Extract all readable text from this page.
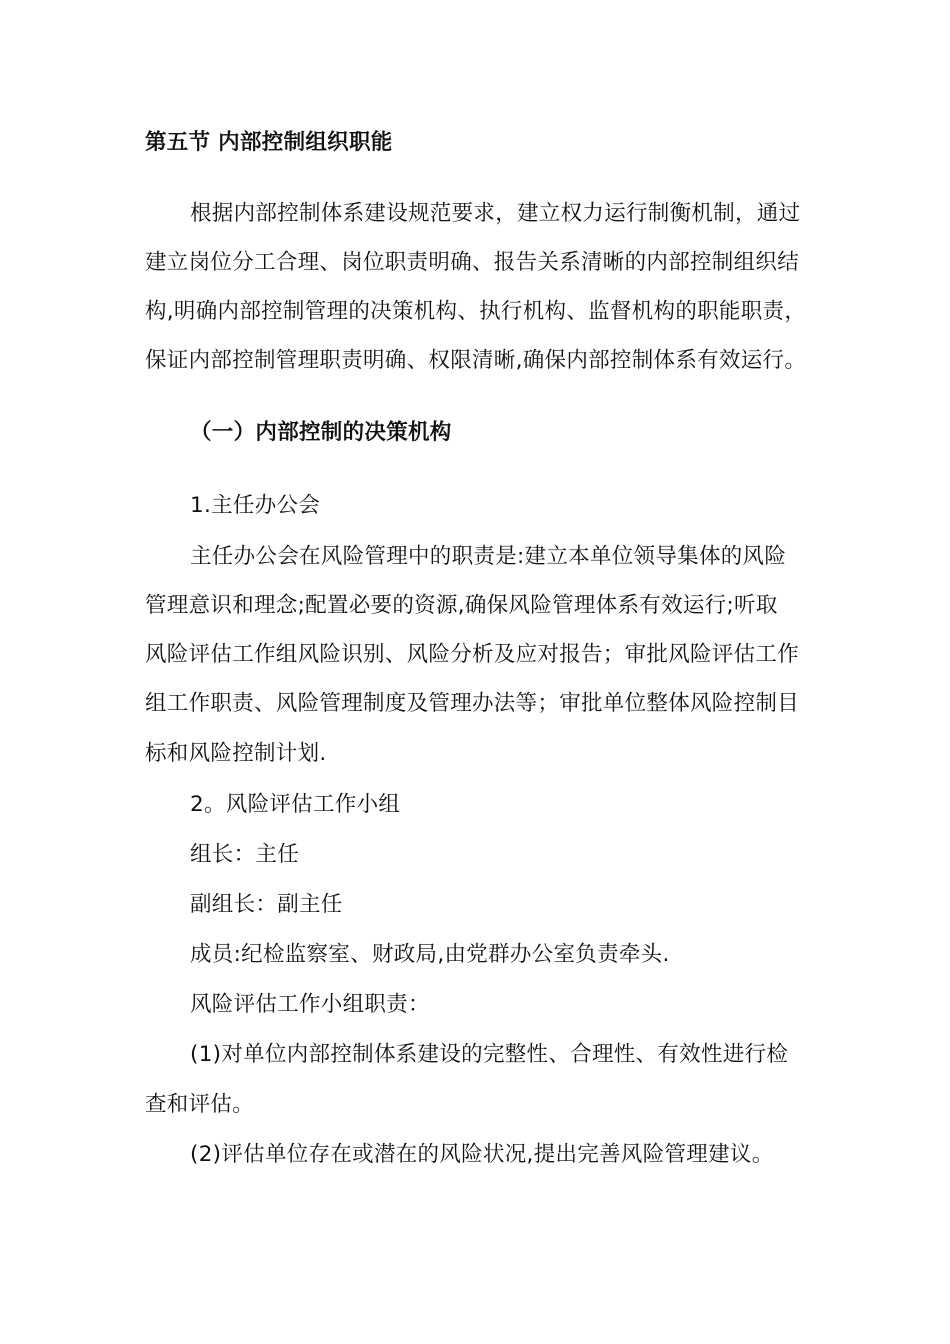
第五节 内部控制组织职能
根据内部控制体系建设规范要求，建立权力运行制衡机制，通过
建立岗位分工合理、岗位职责明确、报告关系清晰的内部控制组织结
构,明确内部控制管理的决策机构、执行机构、监督机构的职能职责，
保证内部控制管理职责明确、权限清晰,确保内部控制体系有效运行。
（一）内部控制的决策机构
1.主任办公会
主任办公会在风险管理中的职责是:建立本单位领导集体的风险
管理意识和理念;配置必要的资源,确保风险管理体系有效运行;听取
风险评估工作组风险识别、风险分析及应对报告；审批风险评估工作
组工作职责、风险管理制度及管理办法等；审批单位整体风险控制目
标和风险控制计划.
2。风险评估工作小组
组长：主任
副组长：副主任
成员:纪检监察室、财政局,由党群办公室负责牵头.
风险评估工作小组职责：
(1)对单位内部控制体系建设的完整性、合理性、有效性进行检
查和评估。
(2)评估单位存在或潜在的风险状况,提出完善风险管理建议。
